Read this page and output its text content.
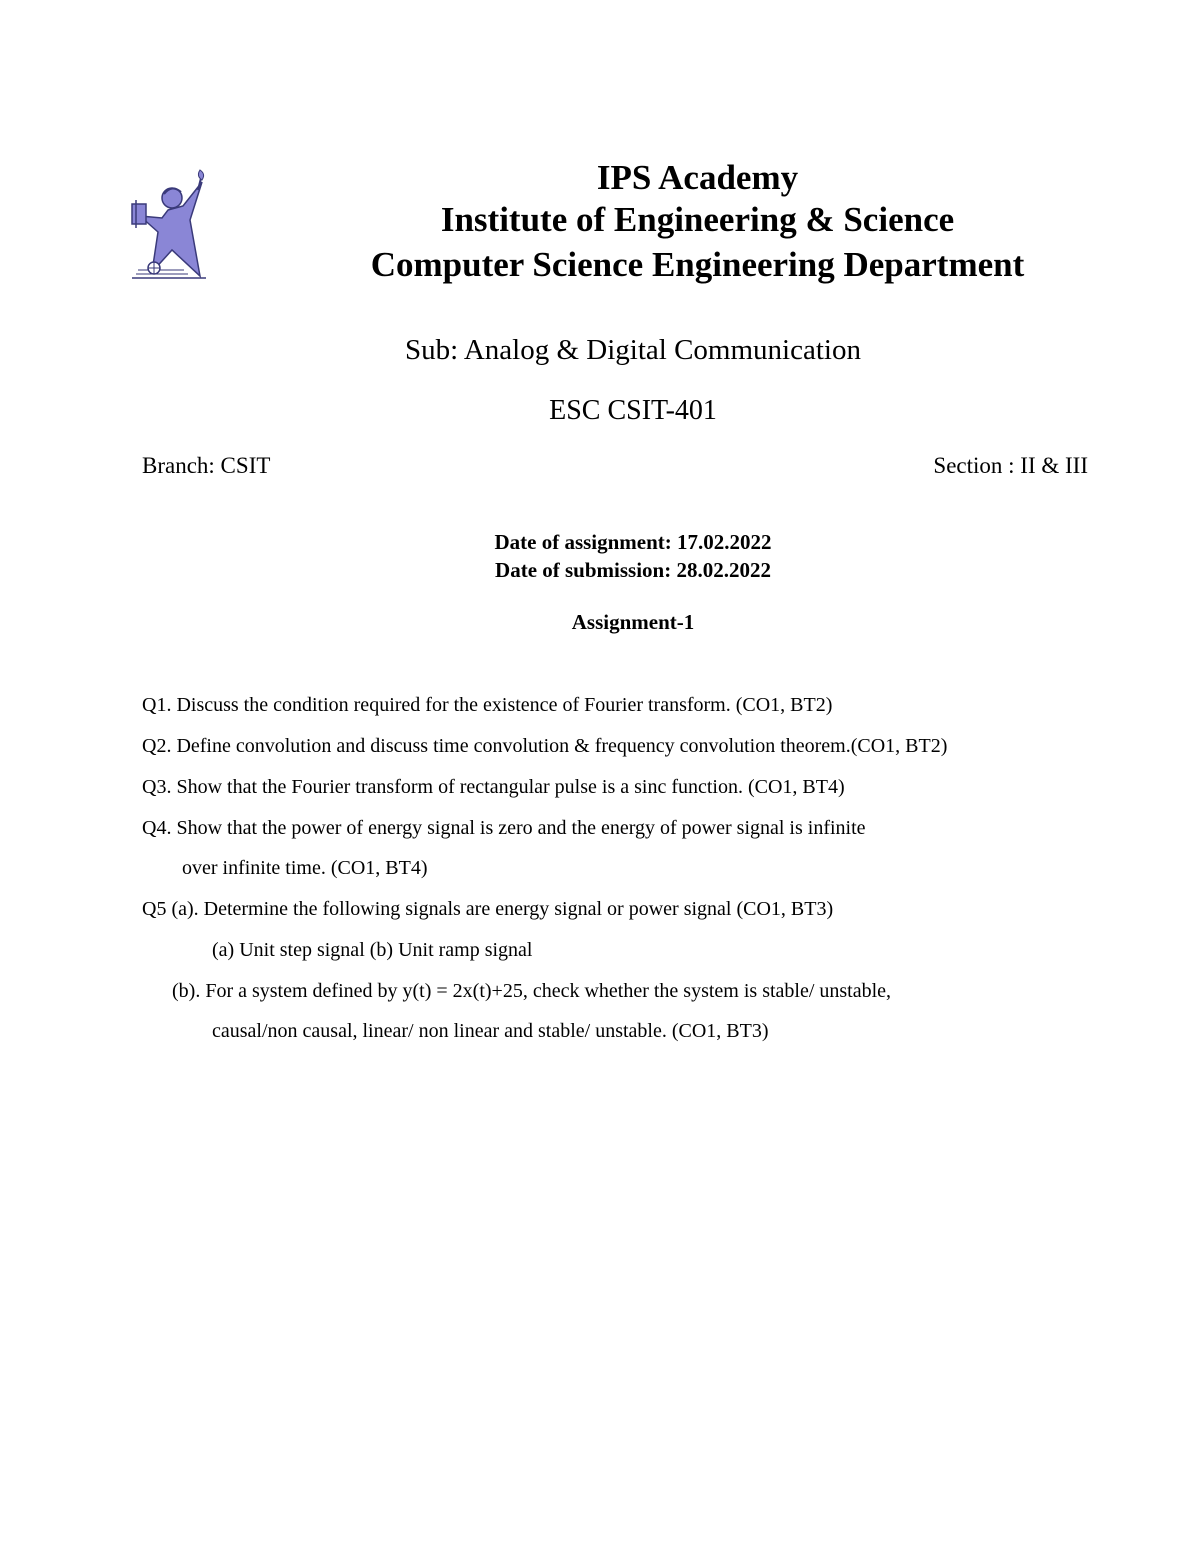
IPS Academy
Institute of Engineering & Science
Computer Science Engineering Department
Sub: Analog & Digital Communication
ESC CSIT-401
Branch: CSIT	Section : II & III
Date of assignment: 17.02.2022
Date of submission: 28.02.2022
Assignment-1
Q1. Discuss the condition required for the existence of Fourier transform. (CO1, BT2)
Q2. Define convolution and discuss time convolution & frequency convolution theorem.(CO1, BT2)
Q3. Show that the Fourier transform of rectangular pulse is a sinc function. (CO1, BT4)
Q4. Show that the power of energy signal is zero and the energy of power signal is infinite
over infinite time. (CO1, BT4)
Q5 (a). Determine the following signals are energy signal or power signal (CO1, BT3)
(a) Unit step signal (b) Unit ramp signal
(b). For a system defined by y(t) = 2x(t)+25, check whether the system is stable/ unstable,
causal/non causal, linear/ non linear and stable/ unstable. (CO1, BT3)
